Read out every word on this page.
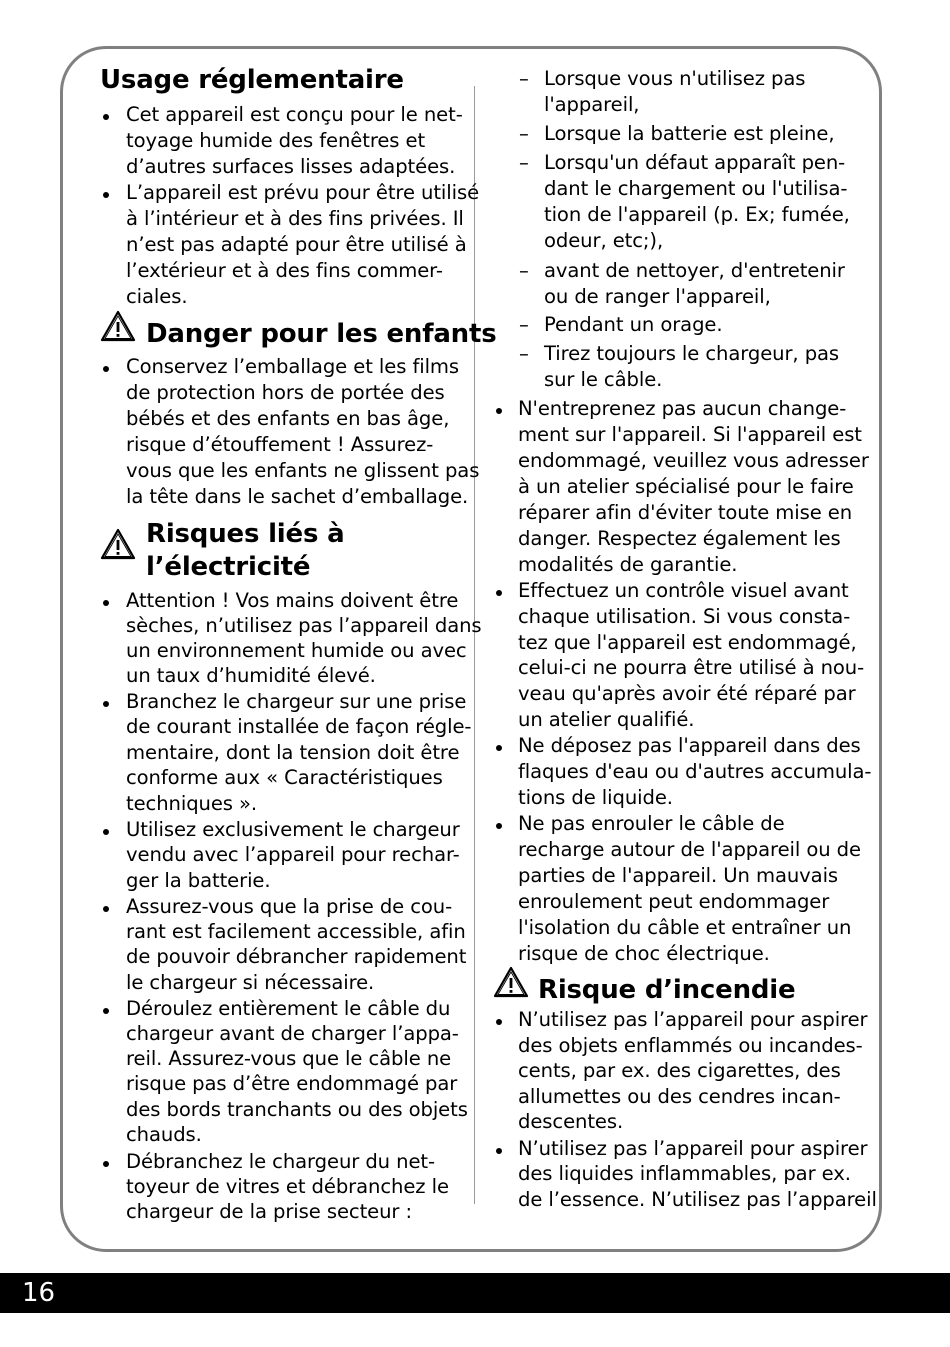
Usage réglementaire
Cet appareil est conçu pour le net-
toyage humide des fenêtres et
d’autres surfaces lisses adaptées.
L’appareil est prévu pour être utilisé
à l’intérieur et à des fins privées. Il
n’est pas adapté pour être utilisé à
l’extérieur et à des fins commer-
ciales.
Danger pour les enfants
Conservez l’emballage et les films
de protection hors de portée des
bébés et des enfants en bas âge,
risque d’étouffement ! Assurez-
vous que les enfants ne glissent pas
la tête dans le sachet d’emballage.
Risques liés à
l’électricité
Attention ! Vos mains doivent être
sèches, n’utilisez pas l’appareil dans
un environnement humide ou avec
un taux d’humidité élevé.
Branchez le chargeur sur une prise
de courant installée de façon régle-
mentaire, dont la tension doit être
conforme aux « Caractéristiques
techniques ».
Utilisez exclusivement le chargeur
vendu avec l’appareil pour rechar-
ger la batterie.
Assurez-vous que la prise de cou-
rant est facilement accessible, afin
de pouvoir débrancher rapidement
le chargeur si nécessaire.
Déroulez entièrement le câble du
chargeur avant de charger l’appa-
reil. Assurez-vous que le câble ne
risque pas d’être endommagé par
des bords tranchants ou des objets
chauds.
Débranchez le chargeur du net-
toyeur de vitres et débranchez le
chargeur de la prise secteur :
– Lorsque vous n'utilisez pas
l'appareil,
– Lorsque la batterie est pleine,
– Lorsqu'un défaut apparaît pen-
dant le chargement ou l'utilisa-
tion de l'appareil (p. Ex; fumée,
odeur, etc;),
– avant de nettoyer, d'entretenir
ou de ranger l'appareil,
– Pendant un orage.
– Tirez toujours le chargeur, pas
sur le câble.
N'entreprenez pas aucun change-
ment sur l'appareil. Si l'appareil est
endommagé, veuillez vous adresser
à un atelier spécialisé pour le faire
réparer afin d'éviter toute mise en
danger. Respectez également les
modalités de garantie.
Effectuez un contrôle visuel avant
chaque utilisation. Si vous consta-
tez que l'appareil est endommagé,
celui-ci ne pourra être utilisé à nou-
veau qu'après avoir été réparé par
un atelier qualifié.
Ne déposez pas l'appareil dans des
flaques d'eau ou d'autres accumula-
tions de liquide.
Ne pas enrouler le câble de
recharge autour de l'appareil ou de
parties de l'appareil. Un mauvais
enroulement peut endommager
l'isolation du câble et entraîner un
risque de choc électrique.
Risque d’incendie
N’utilisez pas l’appareil pour aspirer
des objets enflammés ou incandes-
cents, par ex. des cigarettes, des
allumettes ou des cendres incan-
descentes.
N’utilisez pas l’appareil pour aspirer
des liquides inflammables, par ex.
de l’essence. N’utilisez pas l’appareil
16
